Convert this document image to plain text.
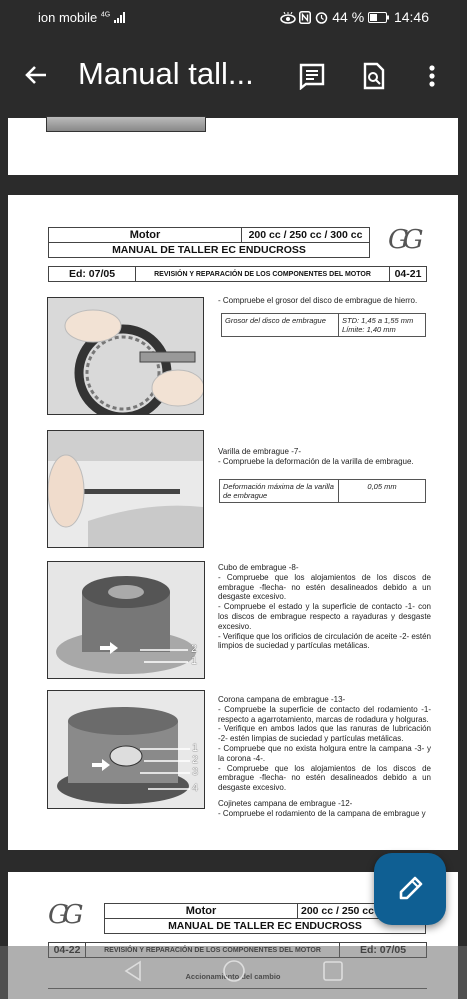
ion mobile $^{4G}$	44 % 14:46
Manual tall...
Motor	200 cc / 250 cc / 300 cc
MANUAL DE TALLER EC ENDUCROSS	GG
Ed: 07/05	REVISIÓN Y REPARACIÓN DE LOS COMPONENTES DEL MOTOR	04-21
- Compruebe el grosor del disco de embrague de hierro.
Grosor del disco de embrague	STD: 1,45 a 1,55 mm
Límite: 1,40 mm
Varilla de embrague -7-
- Compruebe la deformación de la varilla de embrague.
Deformación máxima de la varilla de embrague	0,05 mm
2
1
Cubo de embrague -8-
- Compruebe que los alojamientos de los discos de embrague -flecha- no estén desalineados debido a un desgaste excesivo.
- Compruebe el estado y la superficie de contacto -1- con los discos de embrague respecto a rayaduras y desgaste excesivo.
- Verifique que los orificios de circulación de aceite -2- estén limpios de suciedad y partículas metálicas.
1
2
3
4
Corona campana de embrague -13-
- Compruebe la superficie de contacto del rodamiento -1- respecto a agarrotamiento, marcas de rodadura y holguras.
- Verifique en ambos lados que las ranuras de lubricación -2- estén limpias de suciedad y partículas metálicas.
- Compruebe que no exista holgura entre la campana -3- y la corona -4-.
- Compruebe que los alojamientos de los discos de embrague -flecha- no estén desalineados debido a un desgaste excesivo.
Cojinetes campana de embrague -12-
- Compruebe el rodamiento de la campana de embrague y
GG	Motor	200 cc / 250 cc
MANUAL DE TALLER EC ENDUCROSS
